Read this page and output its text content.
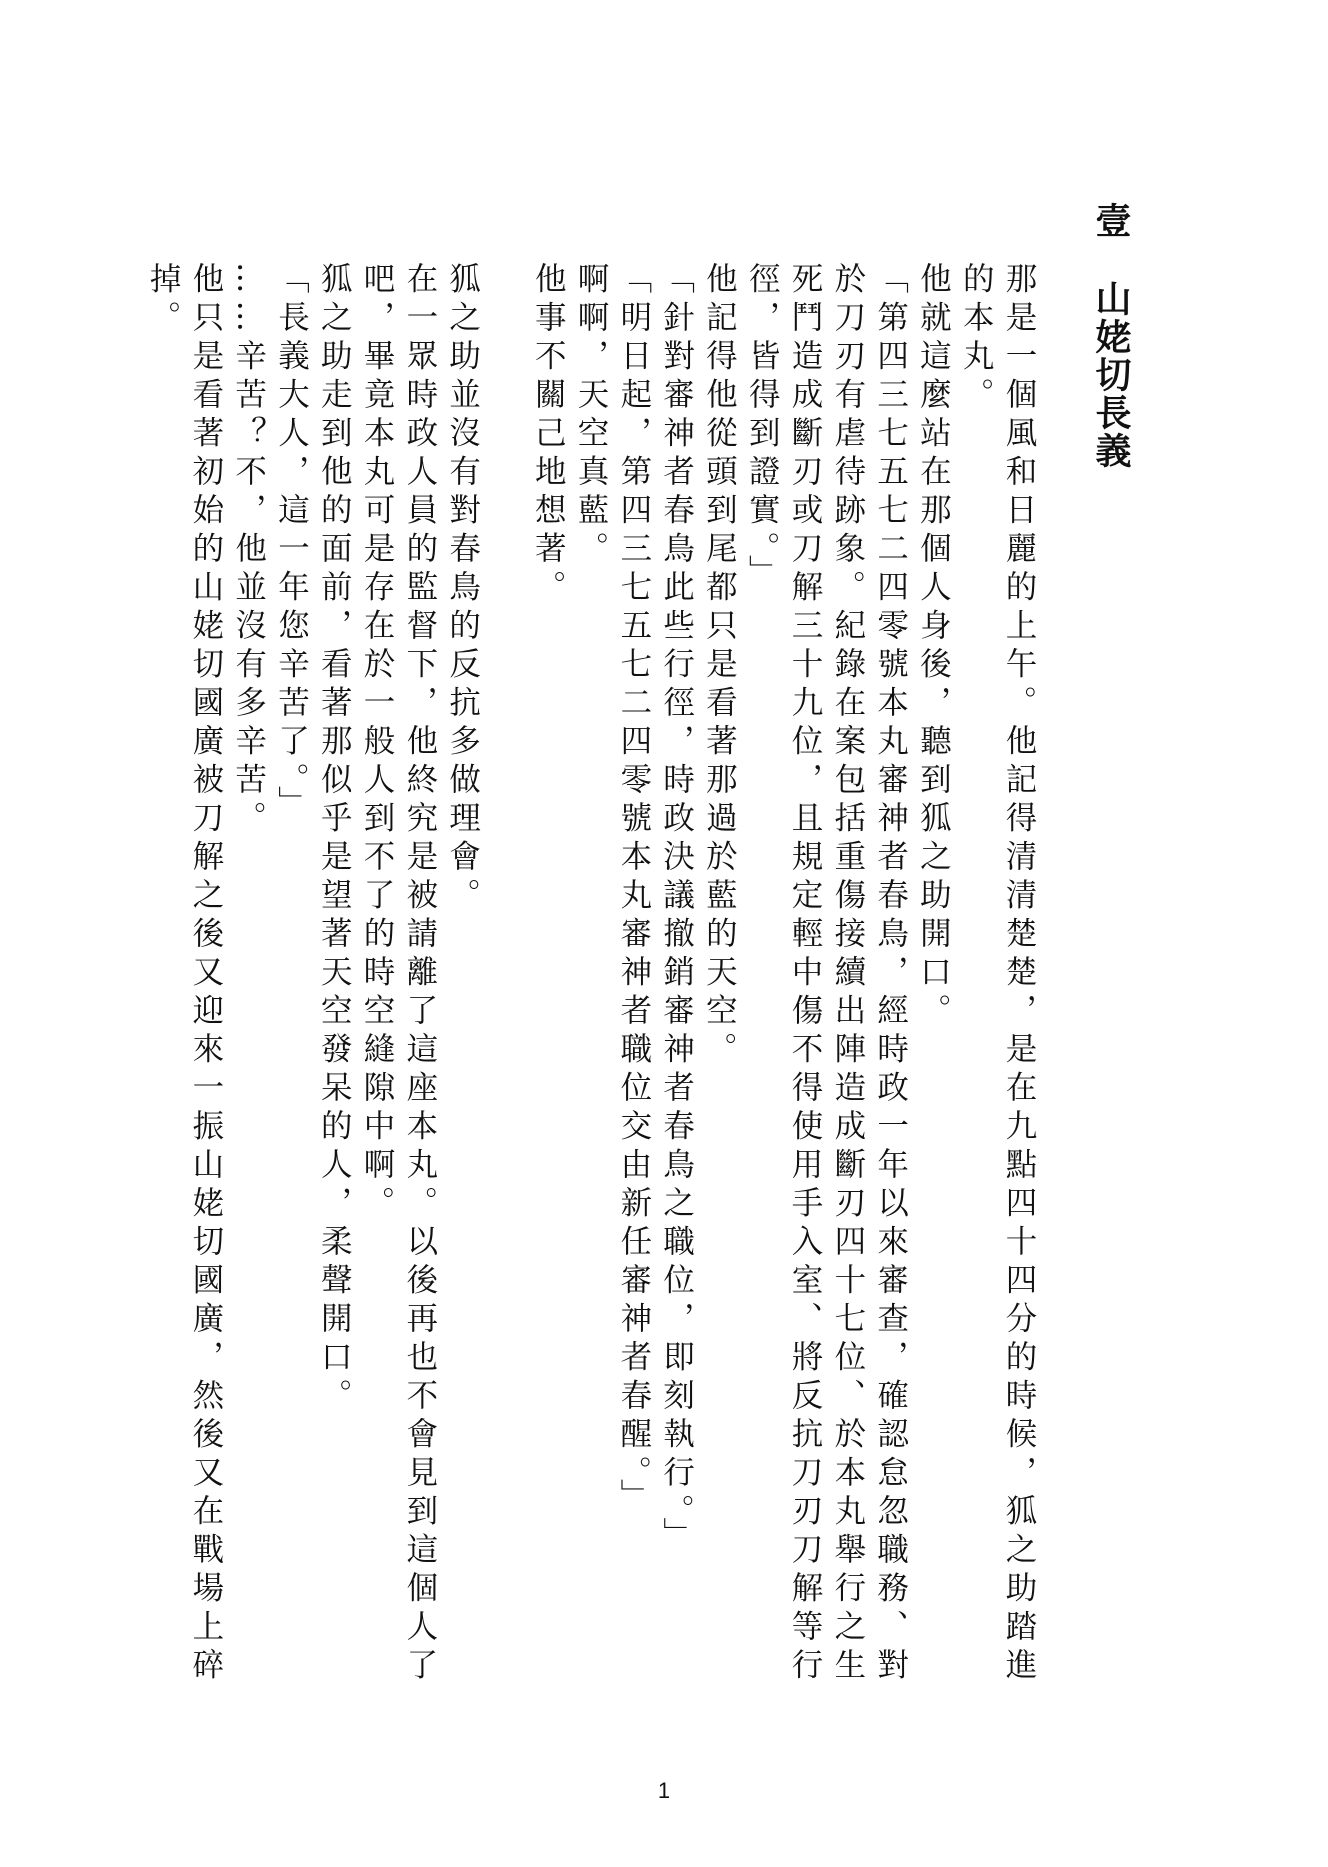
壹山姥切長義

那是一個風和日麗的上午。他記得清清楚楚，是在九點四十四分的時候，狐之助踏進的本丸。

他就這麼站在那個人身後，聽到狐之助開口。

「第四三七五七二四零號本丸審神者春鳥，經時政一年以來審查，確認怠忽職務、對於刀刃有虐待跡象。紀錄在案包括重傷接續出陣造成斷刃四十七位、於本丸舉行之生死鬥造成斷刃或刀解三十九位，且規定輕中傷不得使用手入室、將反抗刀刃刀解等行徑，皆得到證實。」

他記得他從頭到尾都只是看著那過於藍的天空。

「針對審神者春鳥此些行徑，時政決議撤銷審神者春鳥之職位，即刻執行。」

「明日起，第四三七五七二四零號本丸審神者職位交由新任審神者春醒。」

啊啊，天空真藍。

他事不關己地想著。

狐之助並沒有對春鳥的反抗多做理會。

在一眾時政人員的監督下，他終究是被請離了這座本丸。以後再也不會見到這個人了吧，畢竟本丸可是存在於一般人到不了的時空縫隙中啊。

狐之助走到他的面前，看著那似乎是望著天空發呆的人，柔聲開口。

「長義大人，這一年您辛苦了。」

……辛苦？不，他並沒有多辛苦。

他只是看著初始的山姥切國廣被刀解之後又迎來一振山姥切國廣，然後又在戰場上碎掉。

1
